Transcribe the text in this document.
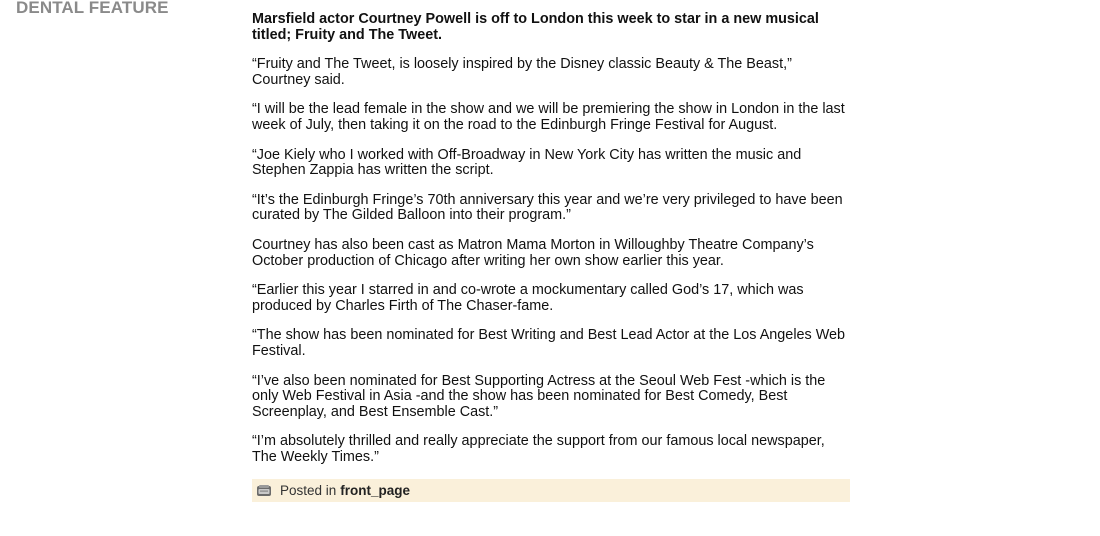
DENTAL FEATURE

Marsfield actor Courtney Powell is off to London this week to star in a new musical titled; Fruity and The Tweet.

“Fruity and The Tweet, is loosely inspired by the Disney classic Beauty & The Beast,” Courtney said.

“I will be the lead female in the show and we will be premiering the show in London in the last week of July, then taking it on the road to the Edinburgh Fringe Festival for August.

“Joe Kiely who I worked with Off-Broadway in New York City has written the music and Stephen Zappia has written the script.

“It’s the Edinburgh Fringe’s 70th anniversary this year and we’re very privileged to have been curated by The Gilded Balloon into their program.”

Courtney has also been cast as Matron Mama Morton in Willoughby Theatre Company’s October production of Chicago after writing her own show earlier this year.

“Earlier this year I starred in and co-wrote a mockumentary called God’s 17, which was produced by Charles Firth of The Chaser-fame.

“The show has been nominated for Best Writing and Best Lead Actor at the Los Angeles Web Festival.

“I’ve also been nominated for Best Supporting Actress at the Seoul Web Fest -which is the only Web Festival in Asia -and the show has been nominated for Best Comedy, Best Screenplay, and Best Ensemble Cast.”

“I’m absolutely thrilled and really appreciate the support from our famous local newspaper, The Weekly Times.”

Posted in front_page
